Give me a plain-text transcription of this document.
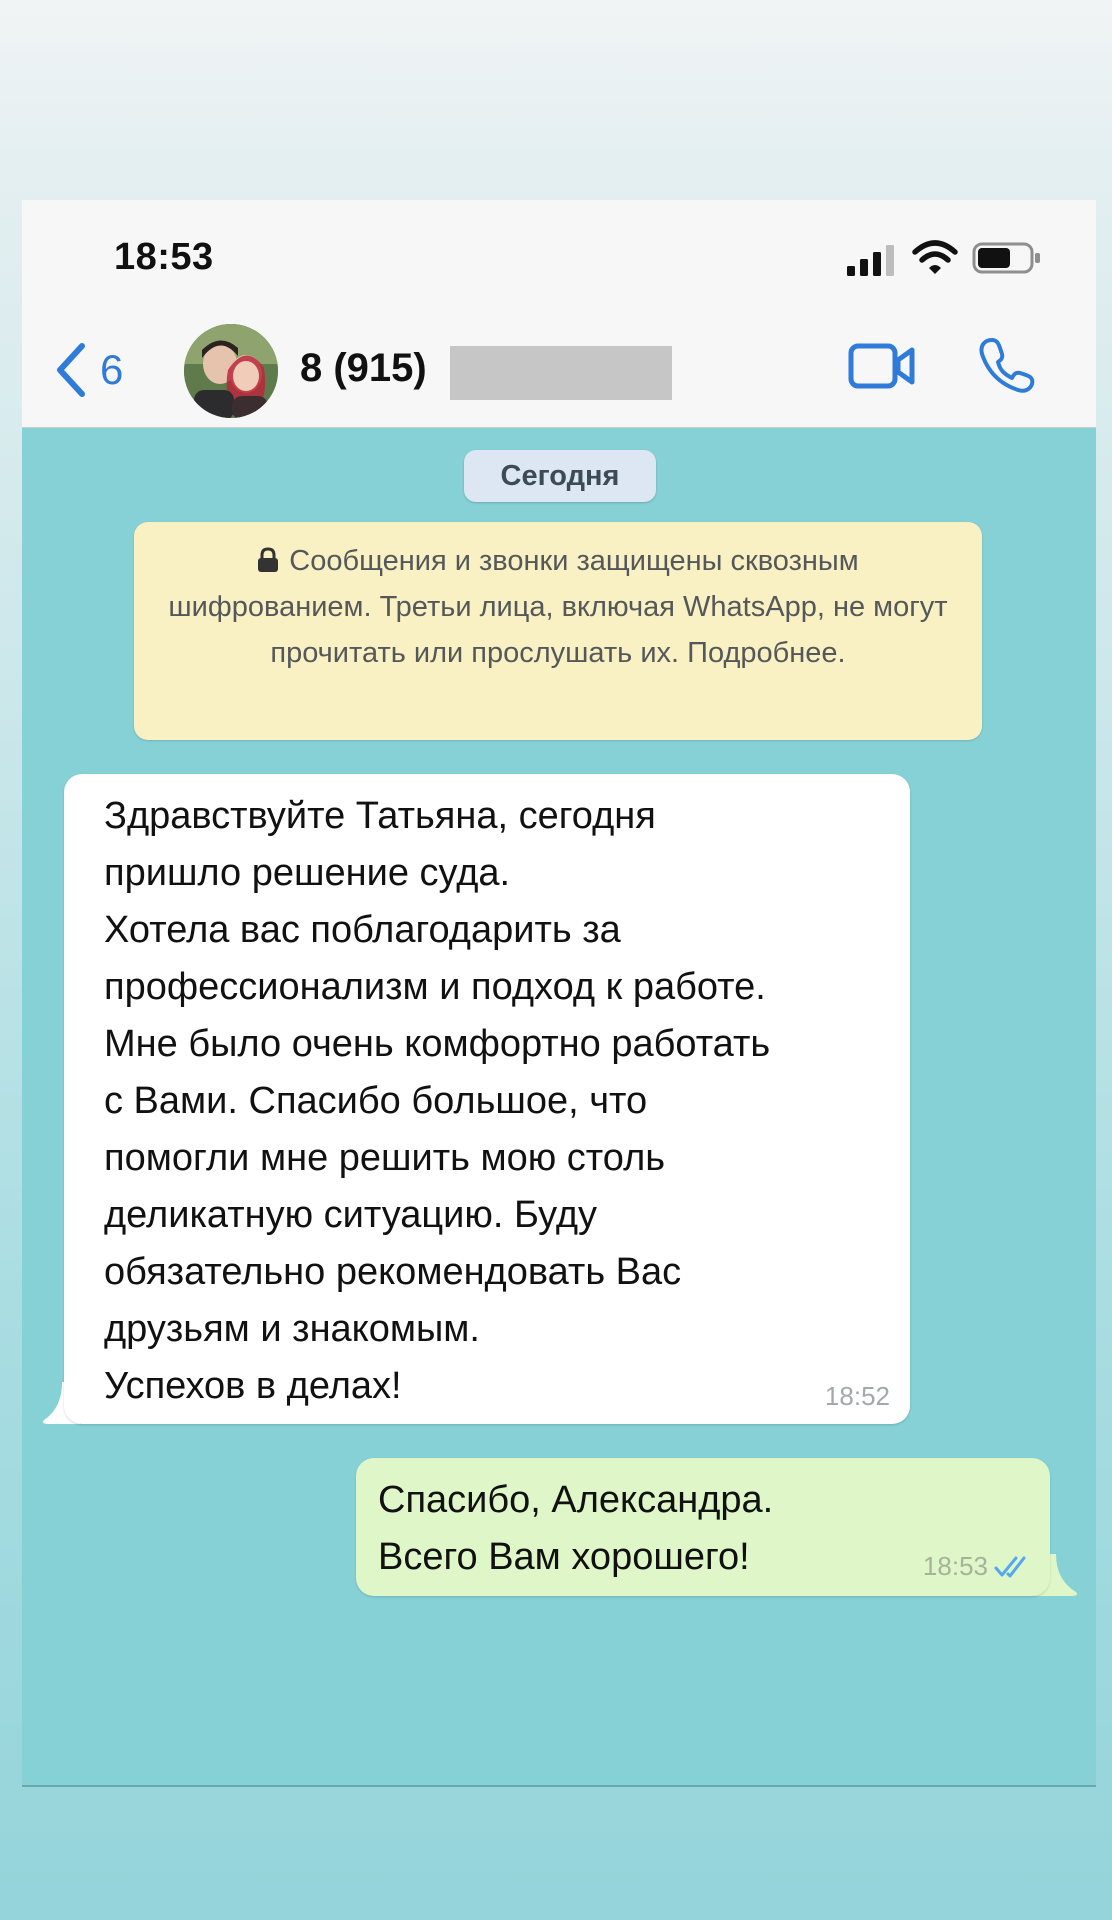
18:53
6	8 (915)
Сегодня
Сообщения и звонки защищены сквозным шифрованием. Третьи лица, включая WhatsApp, не могут прочитать или прослушать их. Подробнее.
Здравствуйте Татьяна, сегодня
пришло решение суда.
Хотела вас поблагодарить за
профессионализм и подход к работе.
Мне было очень комфортно работать
с Вами. Спасибо большое, что
помогли мне решить мою столь
деликатную ситуацию. Буду
обязательно рекомендовать Вас
друзьям и знакомым.
Успехов в делах!	18:52
Спасибо, Александра.
Всего Вам хорошего!	18:53
